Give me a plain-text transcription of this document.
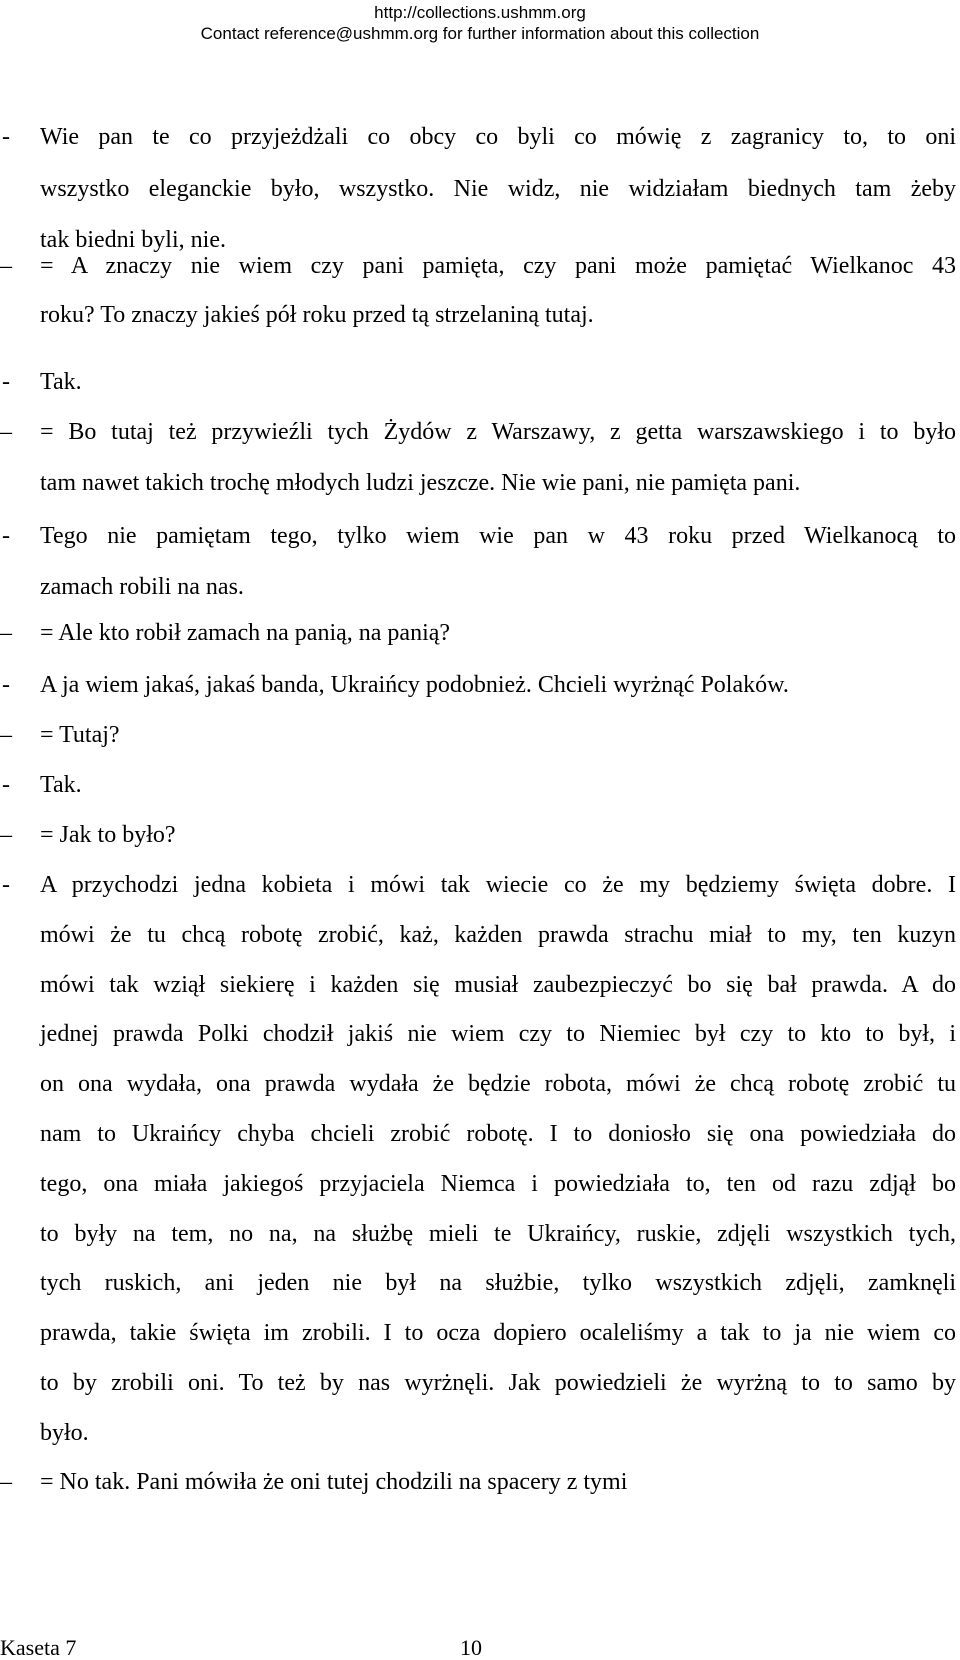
http://collections.ushmm.org
Contact reference@ushmm.org for further information about this collection
- Wie pan te co przyjeżdżali co obcy co byli co mówię z zagranicy to, to oni
wszystko eleganckie było, wszystko. Nie widz, nie widziałam biednych tam żeby
tak biedni byli, nie.
– = A znaczy nie wiem czy pani pamięta, czy pani może pamiętać Wielkanoc 43
roku? To znaczy jakieś pół roku przed tą strzelaniną tutaj.
- Tak.
– = Bo tutaj też przywieźli tych Żydów z Warszawy, z getta warszawskiego i to było
tam nawet takich trochę młodych ludzi jeszcze. Nie wie pani, nie pamięta pani.
- Tego nie pamiętam tego, tylko wiem wie pan w 43 roku przed Wielkanocą to
zamach robili na nas.
– = Ale kto robił zamach na panią, na panią?
- A ja wiem jakaś, jakaś banda, Ukraińcy podobnież. Chcieli wyrżnąć Polaków.
– = Tutaj?
- Tak.
– = Jak to było?
- A przychodzi jedna kobieta i mówi tak wiecie co że my będziemy święta dobre. I
mówi że tu chcą robotę zrobić, każ, każden prawda strachu miał to my, ten kuzyn
mówi tak wziął siekierę i każden się musiał zaubezpieczyć bo się bał prawda. A do
jednej prawda Polki chodził jakiś nie wiem czy to Niemiec był czy to kto to był, i
on ona wydała, ona prawda wydała że będzie robota, mówi że chcą robotę zrobić tu
nam to Ukraińcy chyba chcieli zrobić robotę. I to doniosło się ona powiedziała do
tego, ona miała jakiegoś przyjaciela Niemca i powiedziała to, ten od razu zdjął bo
to były na tem, no na, na służbę mieli te Ukraińcy, ruskie, zdjęli wszystkich tych,
tych ruskich, ani jeden nie był na służbie, tylko wszystkich zdjęli, zamknęli
prawda, takie święta im zrobili. I to ocza dopiero ocaleliśmy a tak to ja nie wiem co
to by zrobili oni. To też by nas wyrżnęli. Jak powiedzieli że wyrżną to to samo by
było.
– = No tak. Pani mówiła że oni tutej chodzili na spacery z tymi
Kaseta 7	10
